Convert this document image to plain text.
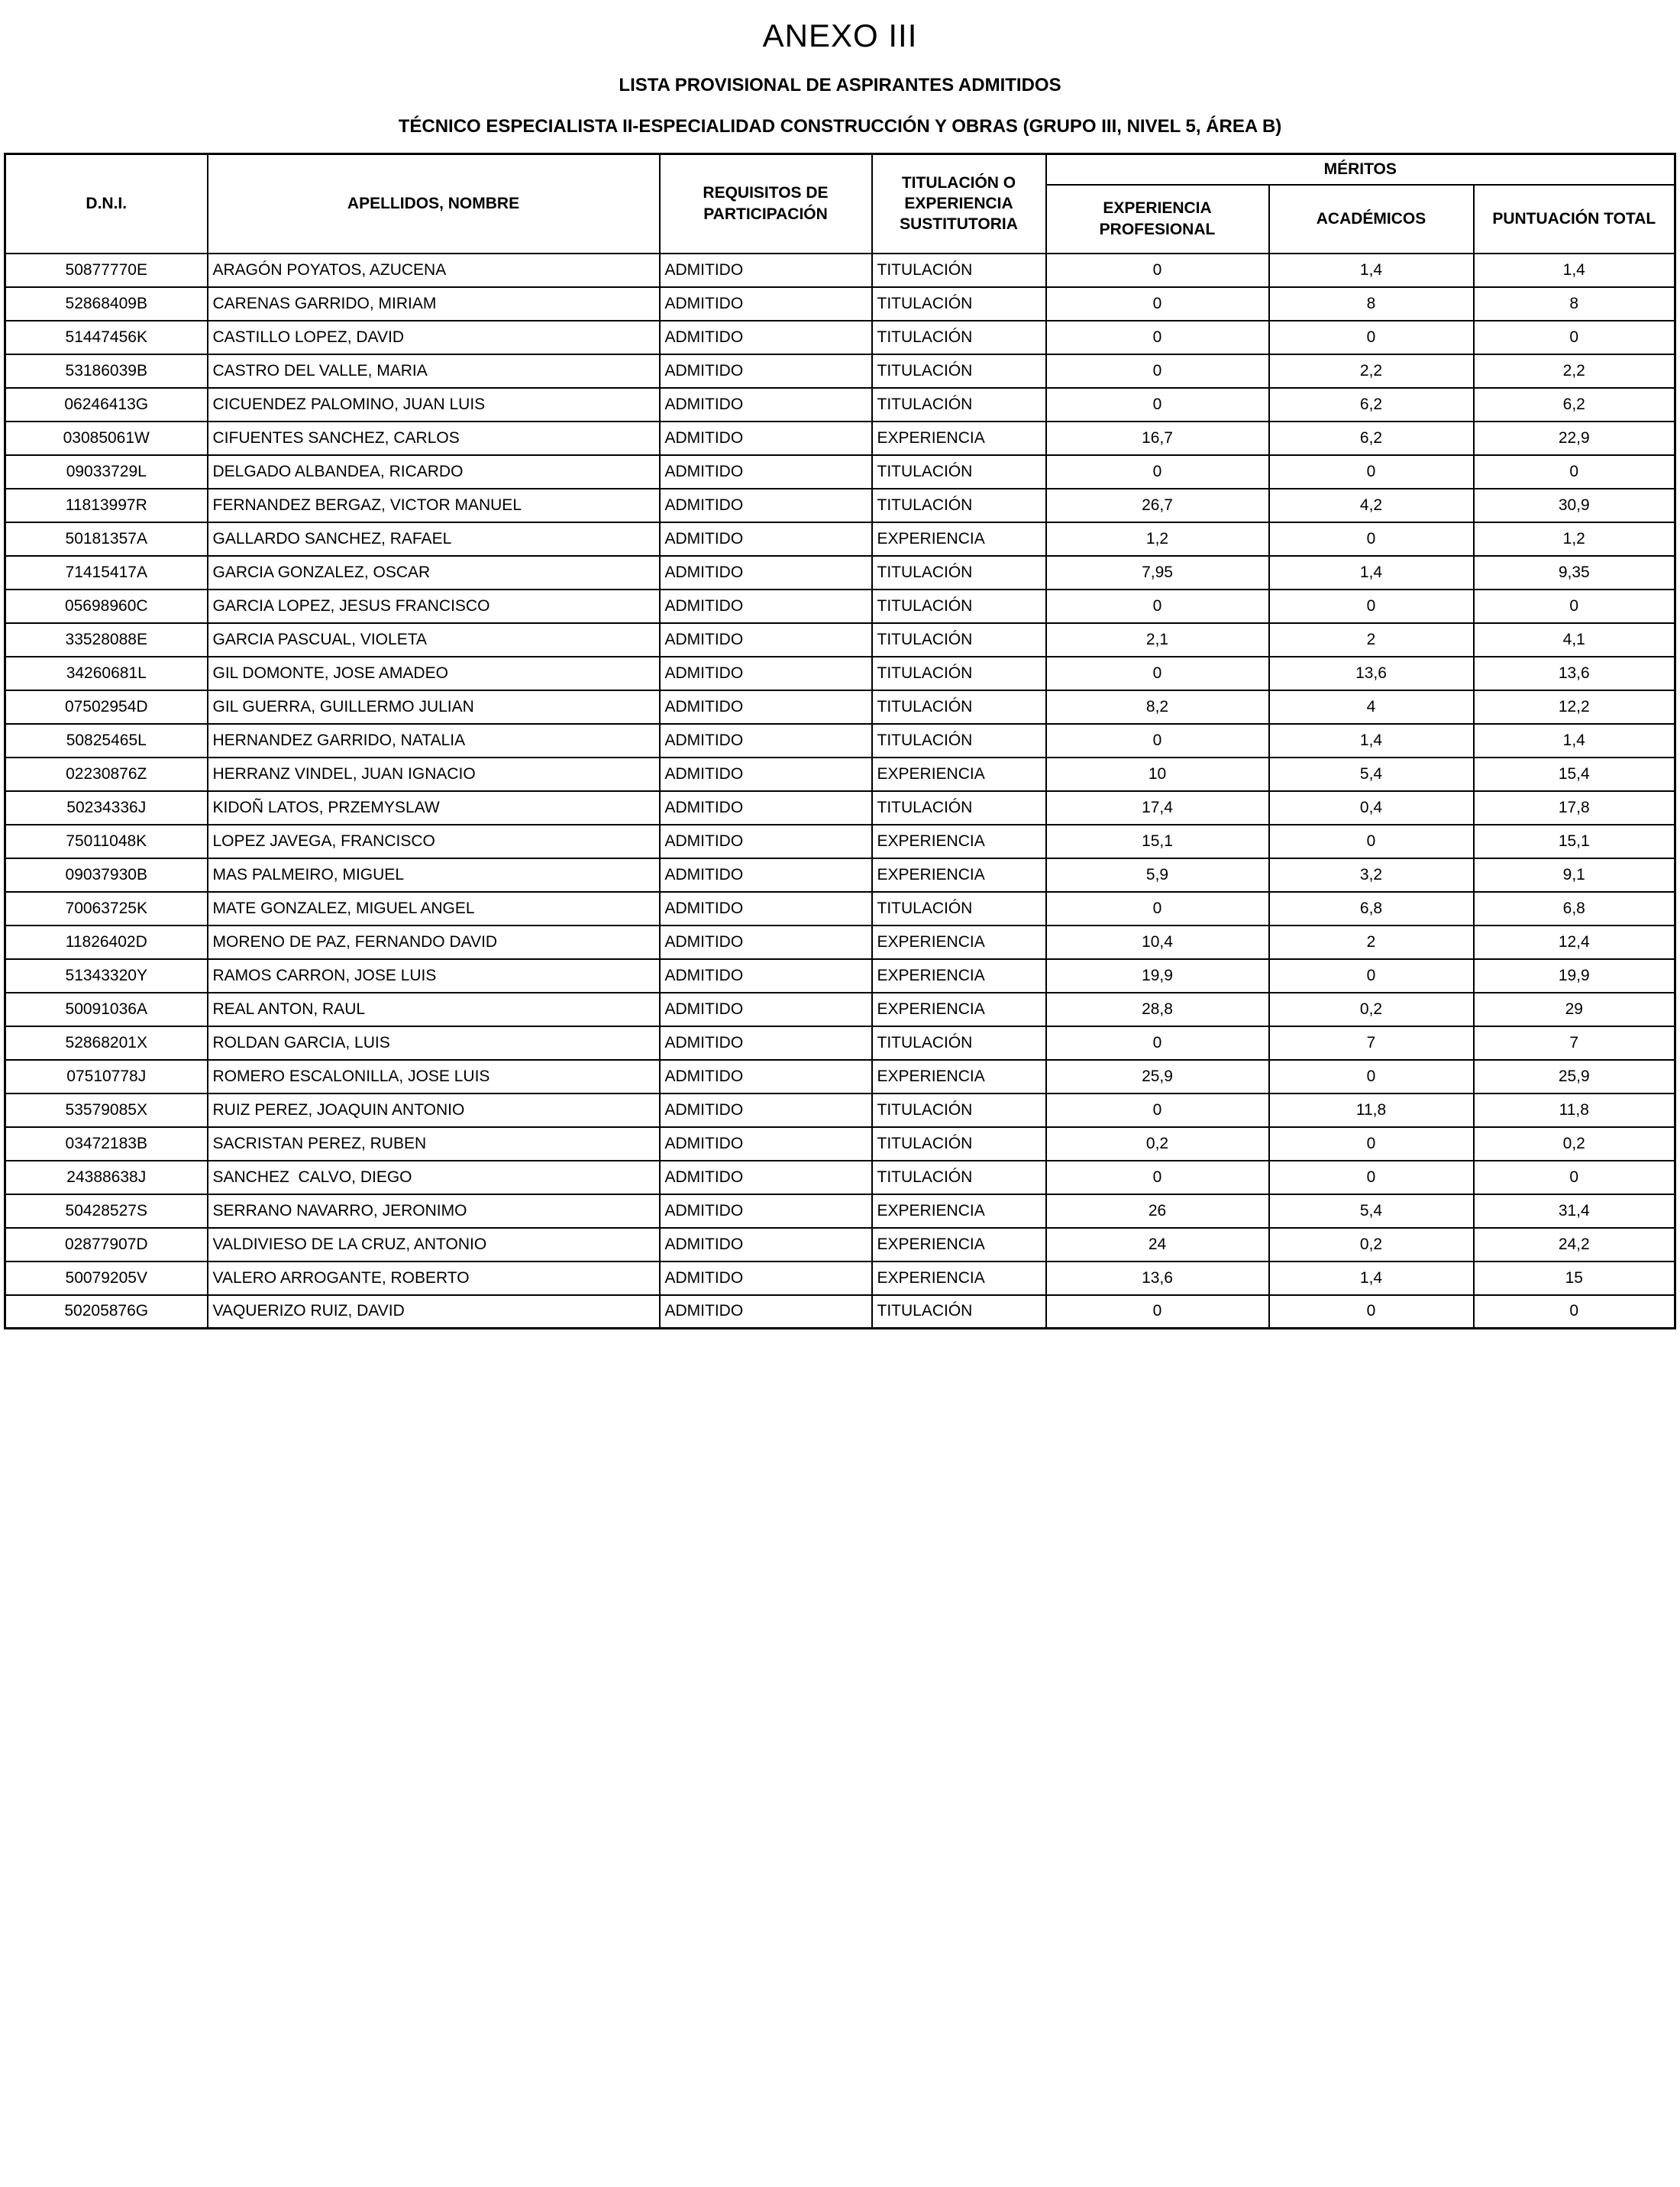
ANEXO III
LISTA PROVISIONAL DE ASPIRANTES ADMITIDOS
TÉCNICO ESPECIALISTA II-ESPECIALIDAD CONSTRUCCIÓN Y OBRAS (GRUPO III, NIVEL 5, ÁREA B)
D.N.I.	APELLIDOS, NOMBRE	REQUISITOS DE PARTICIPACIÓN	TITULACIÓN O EXPERIENCIA SUSTITUTORIA	MÉRITOS		
				EXPERIENCIA PROFESIONAL	ACADÉMICOS	PUNTUACIÓN TOTAL
50877770E	ARAGÓN POYATOS, AZUCENA	ADMITIDO	TITULACIÓN	0	1,4	1,4
52868409B	CARENAS GARRIDO, MIRIAM	ADMITIDO	TITULACIÓN	0	8	8
51447456K	CASTILLO LOPEZ, DAVID	ADMITIDO	TITULACIÓN	0	0	0
53186039B	CASTRO DEL VALLE, MARIA	ADMITIDO	TITULACIÓN	0	2,2	2,2
06246413G	CICUENDEZ PALOMINO, JUAN LUIS	ADMITIDO	TITULACIÓN	0	6,2	6,2
03085061W	CIFUENTES SANCHEZ, CARLOS	ADMITIDO	EXPERIENCIA	16,7	6,2	22,9
09033729L	DELGADO ALBANDEA, RICARDO	ADMITIDO	TITULACIÓN	0	0	0
11813997R	FERNANDEZ BERGAZ, VICTOR MANUEL	ADMITIDO	TITULACIÓN	26,7	4,2	30,9
50181357A	GALLARDO SANCHEZ, RAFAEL	ADMITIDO	EXPERIENCIA	1,2	0	1,2
71415417A	GARCIA GONZALEZ, OSCAR	ADMITIDO	TITULACIÓN	7,95	1,4	9,35
05698960C	GARCIA LOPEZ, JESUS FRANCISCO	ADMITIDO	TITULACIÓN	0	0	0
33528088E	GARCIA PASCUAL, VIOLETA	ADMITIDO	TITULACIÓN	2,1	2	4,1
34260681L	GIL DOMONTE, JOSE AMADEO	ADMITIDO	TITULACIÓN	0	13,6	13,6
07502954D	GIL GUERRA, GUILLERMO JULIAN	ADMITIDO	TITULACIÓN	8,2	4	12,2
50825465L	HERNANDEZ GARRIDO, NATALIA	ADMITIDO	TITULACIÓN	0	1,4	1,4
02230876Z	HERRANZ VINDEL, JUAN IGNACIO	ADMITIDO	EXPERIENCIA	10	5,4	15,4
50234336J	KIDOÑ LATOS, PRZEMYSLAW	ADMITIDO	TITULACIÓN	17,4	0,4	17,8
75011048K	LOPEZ JAVEGA, FRANCISCO	ADMITIDO	EXPERIENCIA	15,1	0	15,1
09037930B	MAS PALMEIRO, MIGUEL	ADMITIDO	EXPERIENCIA	5,9	3,2	9,1
70063725K	MATE GONZALEZ, MIGUEL ANGEL	ADMITIDO	TITULACIÓN	0	6,8	6,8
11826402D	MORENO DE PAZ, FERNANDO DAVID	ADMITIDO	EXPERIENCIA	10,4	2	12,4
51343320Y	RAMOS CARRON, JOSE LUIS	ADMITIDO	EXPERIENCIA	19,9	0	19,9
50091036A	REAL ANTON, RAUL	ADMITIDO	EXPERIENCIA	28,8	0,2	29
52868201X	ROLDAN GARCIA, LUIS	ADMITIDO	TITULACIÓN	0	7	7
07510778J	ROMERO ESCALONILLA, JOSE LUIS	ADMITIDO	EXPERIENCIA	25,9	0	25,9
53579085X	RUIZ PEREZ, JOAQUIN ANTONIO	ADMITIDO	TITULACIÓN	0	11,8	11,8
03472183B	SACRISTAN PEREZ, RUBEN	ADMITIDO	TITULACIÓN	0,2	0	0,2
24388638J	SANCHEZ  CALVO, DIEGO	ADMITIDO	TITULACIÓN	0	0	0
50428527S	SERRANO NAVARRO, JERONIMO	ADMITIDO	EXPERIENCIA	26	5,4	31,4
02877907D	VALDIVIESO DE LA CRUZ, ANTONIO	ADMITIDO	EXPERIENCIA	24	0,2	24,2
50079205V	VALERO ARROGANTE, ROBERTO	ADMITIDO	EXPERIENCIA	13,6	1,4	15
50205876G	VAQUERIZO RUIZ, DAVID	ADMITIDO	TITULACIÓN	0	0	0
